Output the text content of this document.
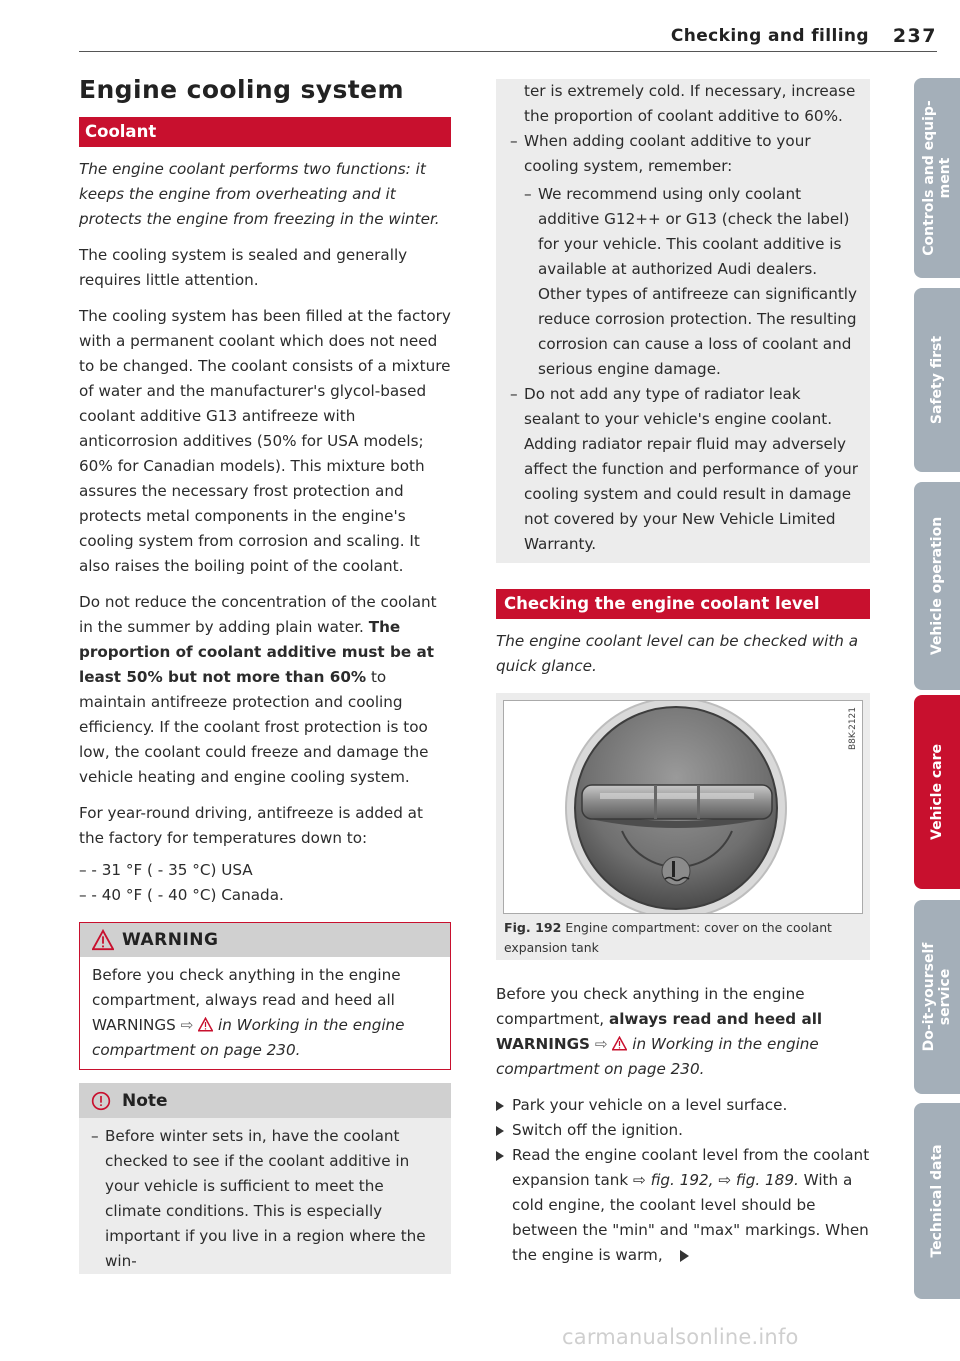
Checking and filling 237
Engine cooling system
Coolant

The engine coolant performs two functions: it keeps the engine from overheating and it protects the engine from freezing in the winter.

The cooling system is sealed and generally requires little attention.

The cooling system has been filled at the factory with a permanent coolant which does not need to be changed. The coolant consists of a mixture of water and the manufacturer's glycol-based coolant additive G13 antifreeze with anticorrosion additives (50% for USA models; 60% for Canadian models). This mixture both assures the necessary frost protection and protects metal components in the engine's cooling system from corrosion and scaling. It also raises the boiling point of the coolant.

Do not reduce the concentration of the coolant in the summer by adding plain water. The proportion of coolant additive must be at least 50% but not more than 60% to maintain antifreeze protection and cooling efficiency. If the coolant frost protection is too low, the coolant could freeze and damage the vehicle heating and engine cooling system.

For year-round driving, antifreeze is added at the factory for temperatures down to:

– - 31 °F ( - 35 °C) USA
– - 40 °F ( - 40 °C) Canada.
WARNING

Before you check anything in the engine compartment, always read and heed all WARNINGS ⇨ in Working in the engine compartment on page 230.

Note

– Before winter sets in, have the coolant checked to see if the coolant additive in your vehicle is sufficient to meet the climate conditions. This is especially important if you live in a region where the win-

ter is extremely cold. If necessary, increase the proportion of coolant additive to 60%.

– When adding coolant additive to your cooling system, remember:

– We recommend using only coolant additive G12++ or G13 (check the label) for your vehicle. This coolant additive is available at authorized Audi dealers. Other types of antifreeze can significantly reduce corrosion protection. The resulting corrosion can cause a loss of coolant and serious engine damage.

– Do not add any type of radiator leak sealant to your vehicle's engine coolant. Adding radiator repair fluid may adversely affect the function and performance of your cooling system and could result in damage not covered by your New Vehicle Limited Warranty.

Checking the engine coolant level

The engine coolant level can be checked with a quick glance.

B8K-2121
Fig. 192 Engine compartment: cover on the coolant expansion tank

Before you check anything in the engine compartment, always read and heed all WARNINGS ⇨ in Working in the engine compartment on page 230.

Park your vehicle on a level surface.

Switch off the ignition.

Read the engine coolant level from the coolant expansion tank ⇨ fig. 192, ⇨ fig. 189. With a cold engine, the coolant level should be between the "min" and "max" markings. When the engine is warm,

Controls and equip-
ment
Safety first
Vehicle operation
Vehicle care
Do-it-yourself
service
Technical data
carmanualsonline.info
